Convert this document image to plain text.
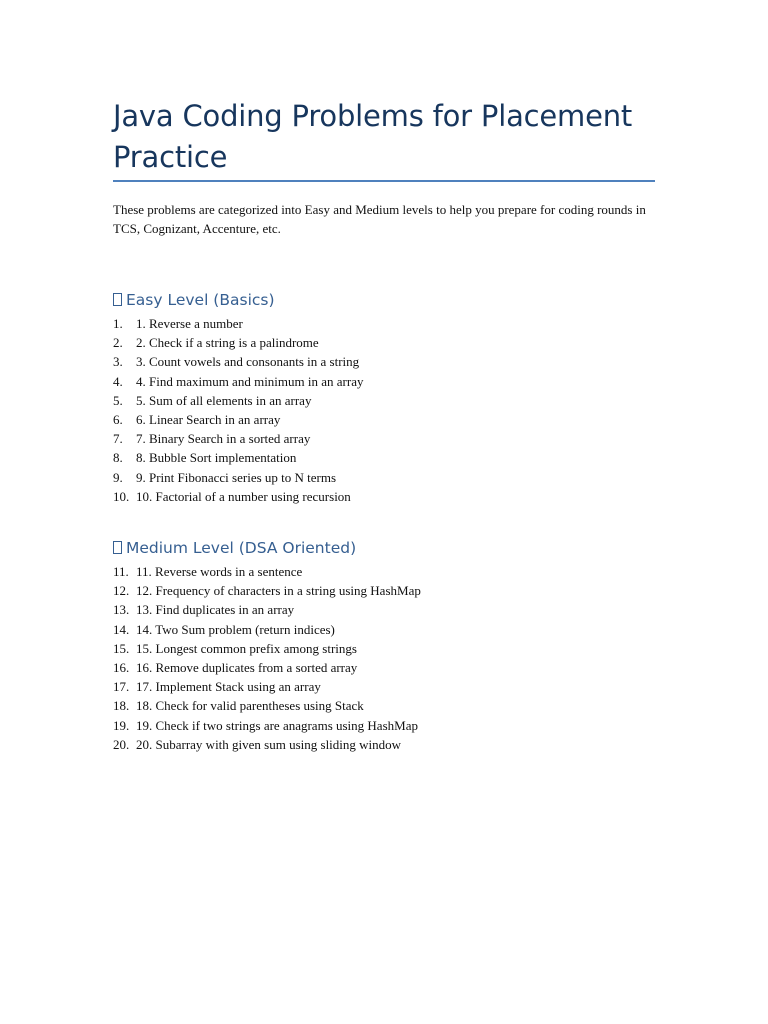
Java Coding Problems for Placement Practice

These problems are categorized into Easy and Medium levels to help you prepare for coding rounds in TCS, Cognizant, Accenture, etc.

Easy Level (Basics)
1.	1. Reverse a number
2.	2. Check if a string is a palindrome
3.	3. Count vowels and consonants in a string
4.	4. Find maximum and minimum in an array
5.	5. Sum of all elements in an array
6.	6. Linear Search in an array
7.	7. Binary Search in a sorted array
8.	8. Bubble Sort implementation
9.	9. Print Fibonacci series up to N terms
10. 10. Factorial of a number using recursion
Medium Level (DSA Oriented)
11. 11. Reverse words in a sentence
12. 12. Frequency of characters in a string using HashMap
13. 13. Find duplicates in an array
14. 14. Two Sum problem (return indices)
15. 15. Longest common prefix among strings
16. 16. Remove duplicates from a sorted array
17. 17. Implement Stack using an array
18. 18. Check for valid parentheses using Stack
19. 19. Check if two strings are anagrams using HashMap
20. 20. Subarray with given sum using sliding window
